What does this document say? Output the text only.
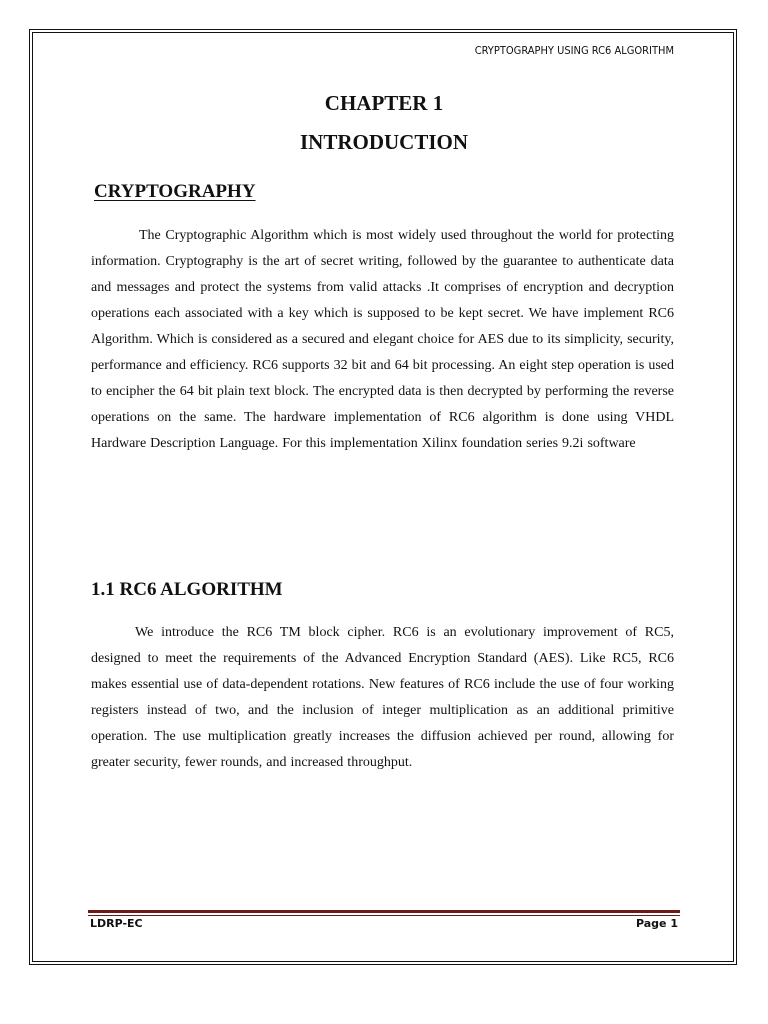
CRYPTOGRAPHY USING RC6 ALGORITHM
CHAPTER 1
INTRODUCTION
CRYPTOGRAPHY

The Cryptographic Algorithm which is most widely used throughout the world for protecting information. Cryptography is the art of secret writing, followed by the guarantee to authenticate data and messages and protect the systems from valid attacks .It comprises of encryption and decryption operations each associated with a key which is supposed to be kept secret. We have implement RC6 Algorithm. Which is considered as a secured and elegant choice for AES due to its simplicity, security, performance and efficiency. RC6 supports 32 bit and 64 bit processing. An eight step operation is used to encipher the 64 bit plain text block. The encrypted data is then decrypted by performing the reverse operations on the same. The hardware implementation of RC6 algorithm is done using VHDL Hardware Description Language. For this implementation Xilinx foundation series 9.2i software

1.1 RC6 ALGORITHM

We introduce the RC6 TM block cipher. RC6 is an evolutionary improvement of RC5, designed to meet the requirements of the Advanced Encryption Standard (AES). Like RC5, RC6 makes essential use of data-dependent rotations. New features of RC6 include the use of four working registers instead of two, and the inclusion of integer multiplication as an additional primitive operation. The use multiplication greatly increases the diffusion achieved per round, allowing for greater security, fewer rounds, and increased throughput.

LDRP-EC	Page 1
